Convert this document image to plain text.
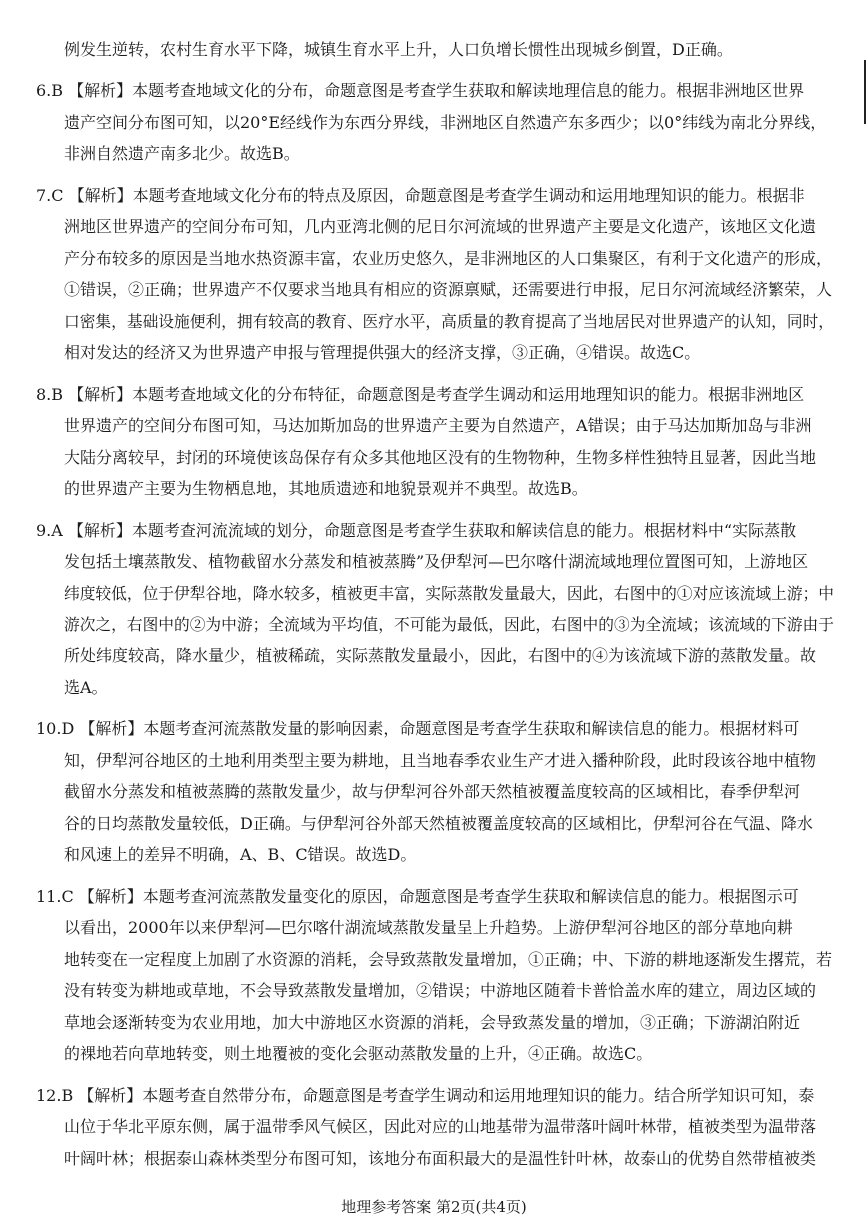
地理参考答案 第2页(共4页)
例发生逆转，农村生育水平下降，城镇生育水平上升，人口负增长惯性出现城乡倒置，D正确。
6.B 【解析】本题考查地域文化的分布，命题意图是考查学生获取和解读地理信息的能力。根据非洲地区世界
遗产空间分布图可知，以20°E经线作为东西分界线，非洲地区自然遗产东多西少；以0°纬线为南北分界线，
非洲自然遗产南多北少。故选B。
7.C 【解析】本题考查地域文化分布的特点及原因，命题意图是考查学生调动和运用地理知识的能力。根据非
洲地区世界遗产的空间分布可知，几内亚湾北侧的尼日尔河流域的世界遗产主要是文化遗产，该地区文化遗
产分布较多的原因是当地水热资源丰富，农业历史悠久，是非洲地区的人口集聚区，有利于文化遗产的形成，
①错误，②正确；世界遗产不仅要求当地具有相应的资源禀赋，还需要进行申报，尼日尔河流域经济繁荣，人
口密集，基础设施便利，拥有较高的教育、医疗水平，高质量的教育提高了当地居民对世界遗产的认知，同时，
相对发达的经济又为世界遗产申报与管理提供强大的经济支撑，③正确，④错误。故选C。
8.B 【解析】本题考查地域文化的分布特征，命题意图是考查学生调动和运用地理知识的能力。根据非洲地区
世界遗产的空间分布图可知，马达加斯加岛的世界遗产主要为自然遗产，A错误；由于马达加斯加岛与非洲
大陆分离较早，封闭的环境使该岛保存有众多其他地区没有的生物物种，生物多样性独特且显著，因此当地
的世界遗产主要为生物栖息地，其地质遗迹和地貌景观并不典型。故选B。
9.A 【解析】本题考查河流流域的划分，命题意图是考查学生获取和解读信息的能力。根据材料中“实际蒸散
发包括土壤蒸散发、植物截留水分蒸发和植被蒸腾”及伊犁河—巴尔喀什湖流域地理位置图可知，上游地区
纬度较低，位于伊犁谷地，降水较多，植被更丰富，实际蒸散发量最大，因此，右图中的①对应该流域上游；中
游次之，右图中的②为中游；全流域为平均值，不可能为最低，因此，右图中的③为全流域；该流域的下游由于
所处纬度较高，降水量少，植被稀疏，实际蒸散发量最小，因此，右图中的④为该流域下游的蒸散发量。故
选A。
10.D 【解析】本题考查河流蒸散发量的影响因素，命题意图是考查学生获取和解读信息的能力。根据材料可
知，伊犁河谷地区的土地利用类型主要为耕地，且当地春季农业生产才进入播种阶段，此时段该谷地中植物
截留水分蒸发和植被蒸腾的蒸散发量少，故与伊犁河谷外部天然植被覆盖度较高的区域相比，春季伊犁河
谷的日均蒸散发量较低，D正确。与伊犁河谷外部天然植被覆盖度较高的区域相比，伊犁河谷在气温、降水
和风速上的差异不明确，A、B、C错误。故选D。
11.C 【解析】本题考查河流蒸散发量变化的原因，命题意图是考查学生获取和解读信息的能力。根据图示可
以看出，2000年以来伊犁河—巴尔喀什湖流域蒸散发量呈上升趋势。上游伊犁河谷地区的部分草地向耕
地转变在一定程度上加剧了水资源的消耗，会导致蒸散发量增加，①正确；中、下游的耕地逐渐发生撂荒，若
没有转变为耕地或草地，不会导致蒸散发量增加，②错误；中游地区随着卡普恰盖水库的建立，周边区域的
草地会逐渐转变为农业用地，加大中游地区水资源的消耗，会导致蒸发量的增加，③正确；下游湖泊附近
的裸地若向草地转变，则土地覆被的变化会驱动蒸散发量的上升，④正确。故选C。
12.B 【解析】本题考查自然带分布，命题意图是考查学生调动和运用地理知识的能力。结合所学知识可知，泰
山位于华北平原东侧，属于温带季风气候区，因此对应的山地基带为温带落叶阔叶林带，植被类型为温带落
叶阔叶林；根据泰山森林类型分布图可知，该地分布面积最大的是温性针叶林，故泰山的优势自然带植被类
